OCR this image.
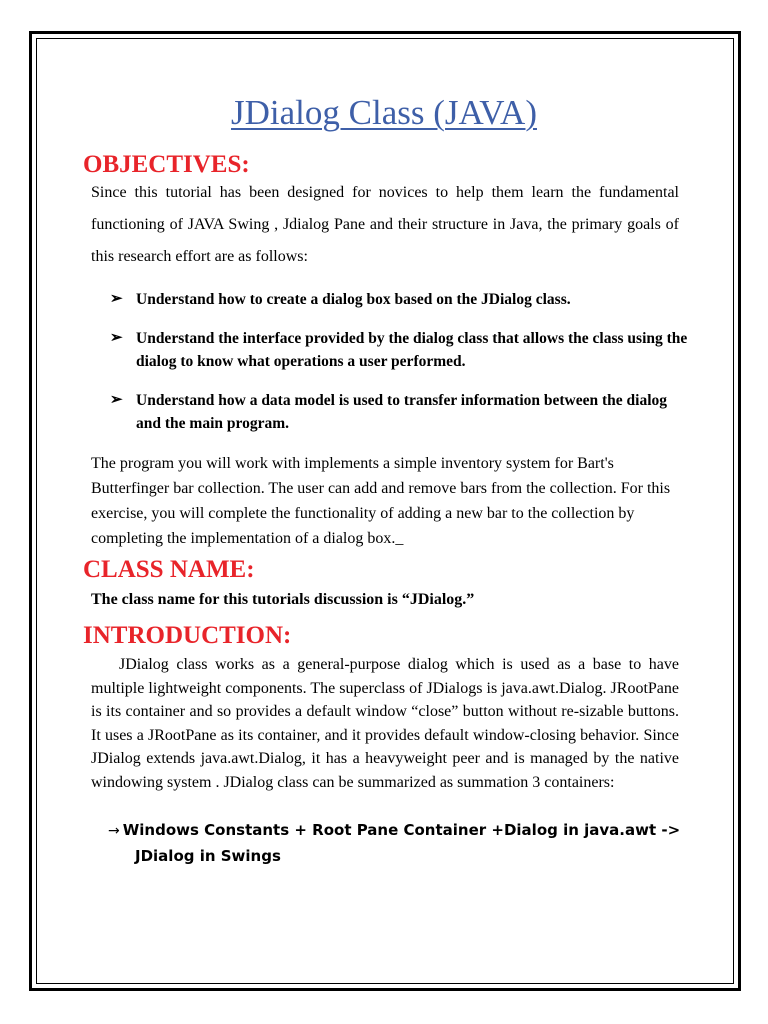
JDialog Class (JAVA)
OBJECTIVES:

Since this tutorial has been designed for novices to help them learn the fundamental functioning of JAVA Swing , Jdialog Pane and their structure in Java, the primary goals of this research effort are as follows:

➢ Understand how to create a dialog box based on the JDialog class.
➢ Understand the interface provided by the dialog class that allows the class using the dialog to know what operations a user performed.
➢ Understand how a data model is used to transfer information between the dialog and the main program.

The program you will work with implements a simple inventory system for Bart's Butterfinger bar collection. The user can add and remove bars from the collection. For this exercise, you will complete the functionality of adding a new bar to the collection by completing the implementation of a dialog box._

CLASS NAME:

The class name for this tutorials discussion is “JDialog.”

INTRODUCTION:

JDialog class works as a general-purpose dialog which is used as a base to have multiple lightweight components. The superclass of JDialogs is java.awt.Dialog. JRootPane is its container and so provides a default window “close” button without re-sizable buttons. It uses a JRootPane as its container, and it provides default window-closing behavior. Since JDialog extends java.awt.Dialog, it has a heavyweight peer and is managed by the native windowing system . JDialog class can be summarized as summation 3 containers:

→ Windows Constants + Root Pane Container +Dialog in java.awt ->
JDialog in Swings
